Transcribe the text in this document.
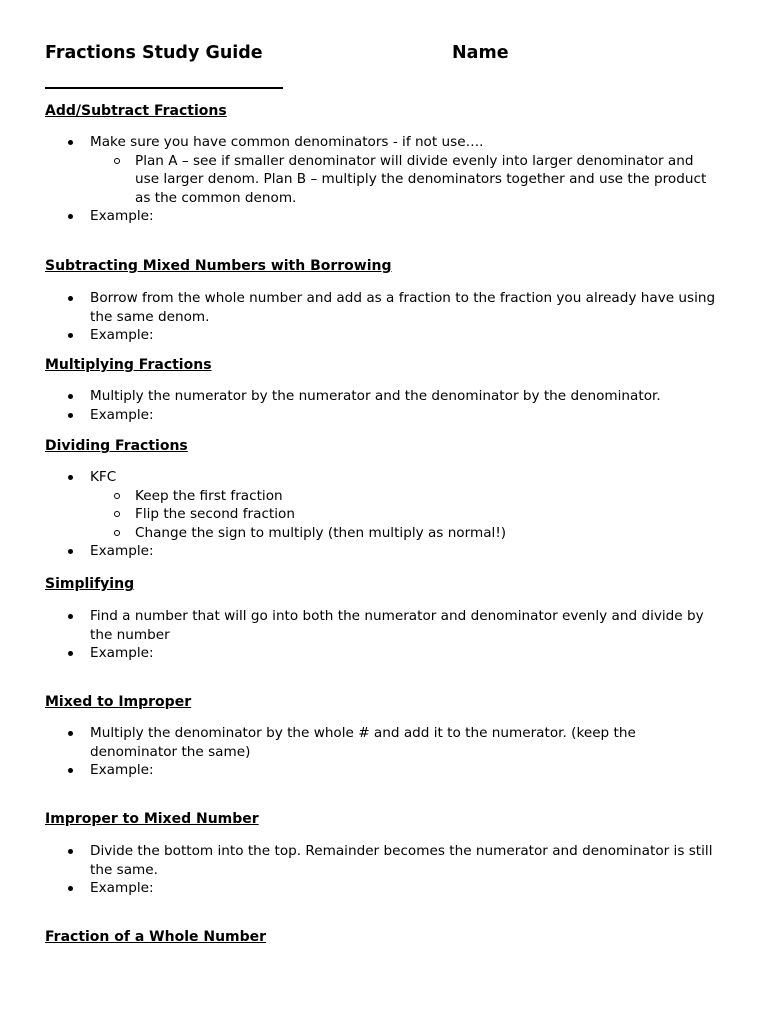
Fractions Study Guide	Name
Add/Subtract Fractions
Make sure you have common denominators - if not use….
Plan A – see if smaller denominator will divide evenly into larger denominator and use larger denom. Plan B – multiply the denominators together and use the product as the common denom.
Example:
Subtracting Mixed Numbers with Borrowing
Borrow from the whole number and add as a fraction to the fraction you already have using the same denom.
Example:
Multiplying Fractions
Multiply the numerator by the numerator and the denominator by the denominator.
Example:
Dividing Fractions
KFC
Keep the first fraction
Flip the second fraction
Change the sign to multiply (then multiply as normal!)
Example:
Simplifying
Find a number that will go into both the numerator and denominator evenly and divide by the number
Example:
Mixed to Improper
Multiply the denominator by the whole # and add it to the numerator. (keep the denominator the same)
Example:
Improper to Mixed Number
Divide the bottom into the top. Remainder becomes the numerator and denominator is still the same.
Example:
Fraction of a Whole Number
